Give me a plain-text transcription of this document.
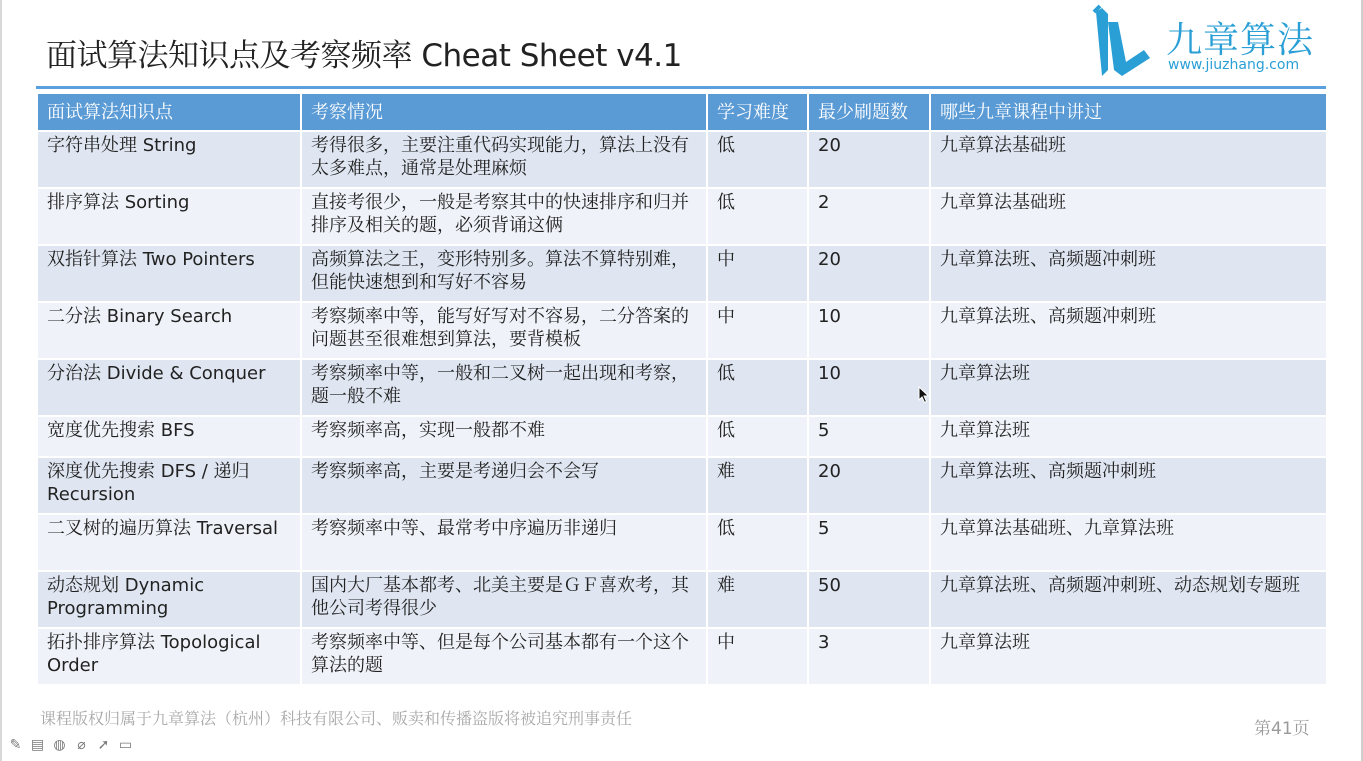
面试算法知识点及考察频率 Cheat Sheet v4.1	九章算法
www.jiuzhang.com
面试算法知识点	考察情况	学习难度	最少刷题数	哪些九章课程中讲过
字符串处理 String	考得很多，主要注重代码实现能力，算法上没有太多难点，通常是处理麻烦	低	20	九章算法基础班
排序算法 Sorting	直接考很少，一般是考察其中的快速排序和归并排序及相关的题，必须背诵这俩	低	2	九章算法基础班
双指针算法 Two Pointers	高频算法之王，变形特别多。算法不算特别难，但能快速想到和写好不容易	中	20	九章算法班、高频题冲刺班
二分法 Binary Search	考察频率中等，能写好写对不容易，二分答案的问题甚至很难想到算法，要背模板	中	10	九章算法班、高频题冲刺班
分治法 Divide & Conquer	考察频率中等，一般和二叉树一起出现和考察，题一般不难	低	10	九章算法班
宽度优先搜索 BFS	考察频率高，实现一般都不难	低	5	九章算法班
深度优先搜索 DFS / 递归 Recursion	考察频率高，主要是考递归会不会写	难	20	九章算法班、高频题冲刺班
二叉树的遍历算法 Traversal	考察频率中等、最常考中序遍历非递归	低	5	九章算法基础班、九章算法班
动态规划 Dynamic Programming	国内大厂基本都考、北美主要是ＧＦ喜欢考，其他公司考得很少	难	50	九章算法班、高频题冲刺班、动态规划专题班
拓扑排序算法 Topological Order	考察频率中等、但是每个公司基本都有一个这个算法的题	中	3	九章算法班
课程版权归属于九章算法（杭州）科技有限公司、贩卖和传播盗版将被追究刑事责任
第41页
✎ ▤ ◍ ⌀ ➚ ▭
